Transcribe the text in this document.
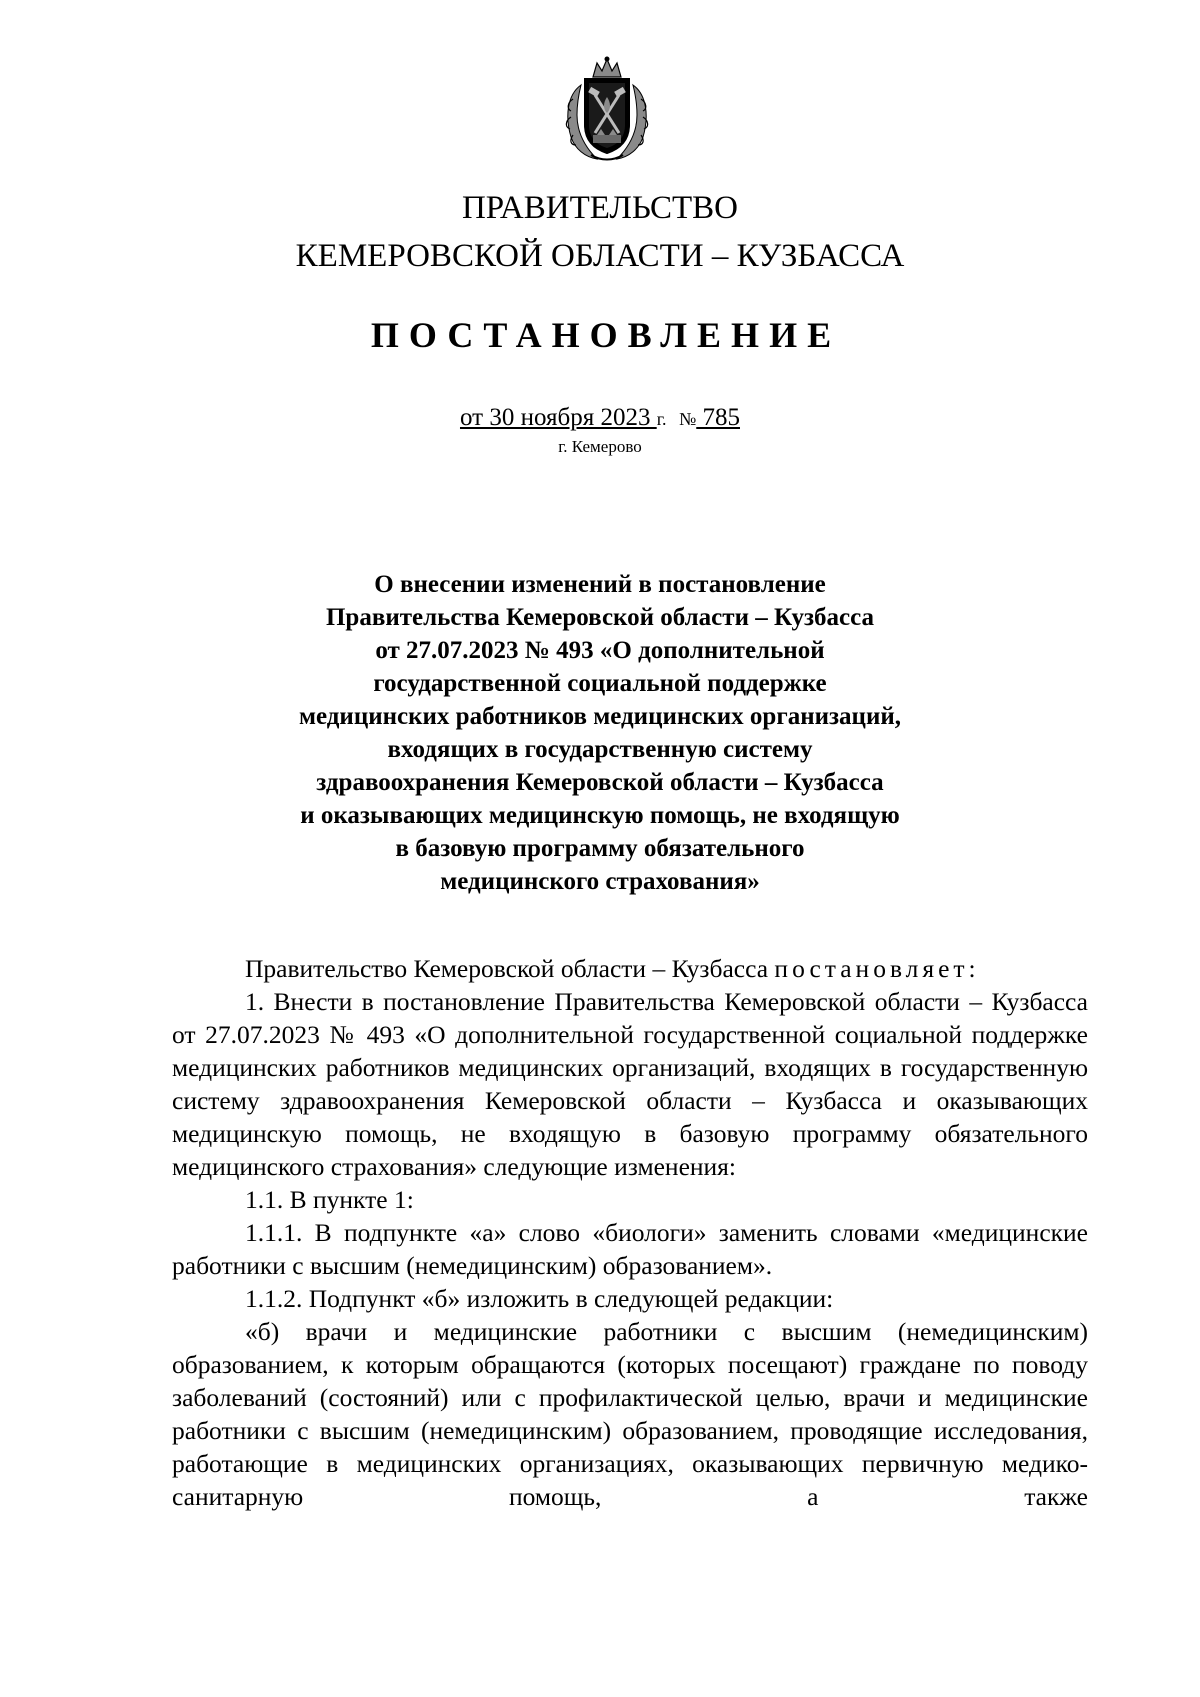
ПРАВИТЕЛЬСТВО
КЕМЕРОВСКОЙ ОБЛАСТИ – КУЗБАССА
ПОСТАНОВЛЕНИЕ
от 30 ноября 2023 г. № 785
г. Кемерово
О внесении изменений в постановление
Правительства Кемеровской области – Кузбасса
от 27.07.2023 № 493 «О дополнительной
государственной социальной поддержке
медицинских работников медицинских организаций,
входящих в государственную систему
здравоохранения Кемеровской области – Кузбасса
и оказывающих медицинскую помощь, не входящую
в базовую программу обязательного
медицинского страхования»

Правительство Кемеровской области – Кузбасса постановляет:

1. Внести в постановление Правительства Кемеровской области – Кузбасса от 27.07.2023 № 493 «О дополнительной государственной социальной поддержке медицинских работников медицинских организаций, входящих в государственную систему здравоохранения Кемеровской области – Кузбасса и оказывающих медицинскую помощь, не входящую в базовую программу обязательного медицинского страхования» следующие изменения:

1.1. В пункте 1:

1.1.1. В подпункте «а» слово «биологи» заменить словами «медицинские работники с высшим (немедицинским) образованием».

1.1.2. Подпункт «б» изложить в следующей редакции:

«б) врачи и медицинские работники с высшим (немедицинским) образованием, к которым обращаются (которых посещают) граждане по поводу заболеваний (состояний) или с профилактической целью, врачи и медицинские работники с высшим (немедицинским) образованием, проводящие исследования, работающие в медицинских организациях, оказывающих первичную медико-санитарную помощь, а также
